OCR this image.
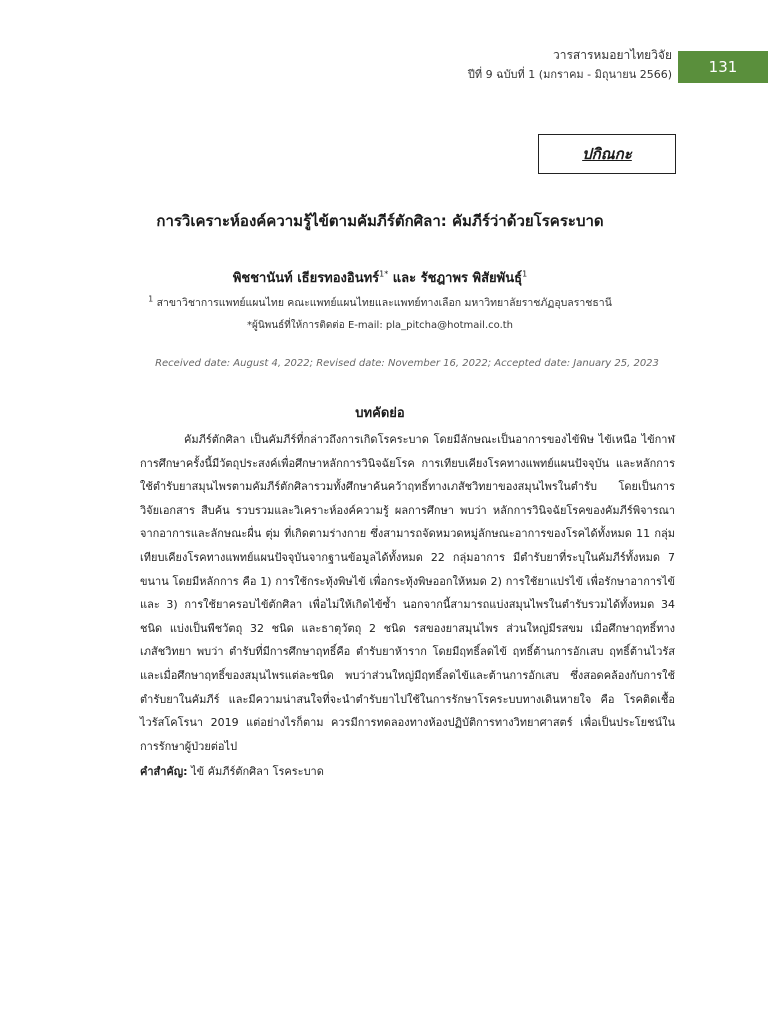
วารสารหมอยาไทยวิจัย
ปีที่ 9 ฉบับที่ 1 (มกราคม - มิถุนายน 2566)	131
ปกิณกะ
การวิเคราะห์องค์ความรู้ไข้ตามคัมภีร์ตักศิลา: คัมภีร์ว่าด้วยโรคระบาด
พิชชานันท์ เธียรทองอินทร์$^{1*}$ และ รัชฎาพร พิสัยพันธุ์$^1$
$^1$ สาขาวิชาการแพทย์แผนไทย คณะแพทย์แผนไทยและแพทย์ทางเลือก มหาวิทยาลัยราชภัฏอุบลราชธานี
*ผู้นิพนธ์ที่ให้การติดต่อ E-mail: pla_pitcha@hotmail.co.th
Received date: August 4, 2022; Revised date: November 16, 2022; Accepted date: January 25, 2023
บทคัดย่อ
คัมภีร์ตักศิลา เป็นคัมภีร์ที่กล่าวถึงการเกิดโรคระบาด โดยมีลักษณะเป็นอาการของไข้พิษ ไข้เหนือ ไข้กาฬ การศึกษาครั้งนี้มีวัตถุประสงค์เพื่อศึกษาหลักการวินิจฉัยโรค การเทียบเคียงโรคทางแพทย์แผนปัจจุบัน และหลักการใช้ตำรับยาสมุนไพรตามคัมภีร์ตักศิลารวมทั้งศึกษาค้นคว้าฤทธิ์ทางเภสัชวิทยาของสมุนไพรในตำรับ โดยเป็นการวิจัยเอกสาร สืบค้น รวบรวมและวิเคราะห์องค์ความรู้ ผลการศึกษา พบว่า หลักการวินิจฉัยโรคของคัมภีร์พิจารณาจากอาการและลักษณะผื่น ตุ่ม ที่เกิดตามร่างกาย ซึ่งสามารถจัดหมวดหมู่ลักษณะอาการของโรคได้ทั้งหมด 11 กลุ่ม เทียบเคียงโรคทางแพทย์แผนปัจจุบันจากฐานข้อมูลได้ทั้งหมด 22 กลุ่มอาการ มีตำรับยาที่ระบุในคัมภีร์ทั้งหมด 7 ขนาน โดยมีหลักการ คือ 1) การใช้กระทุ้งพิษไข้ เพื่อกระทุ้งพิษออกให้หมด 2) การใช้ยาแปรไข้ เพื่อรักษาอาการไข้ และ 3) การใช้ยาครอบไข้ตักศิลา เพื่อไม่ให้เกิดไข้ซ้ำ นอกจากนี้สามารถแบ่งสมุนไพรในตำรับรวมได้ทั้งหมด 34 ชนิด แบ่งเป็นพืชวัตถุ 32 ชนิด และธาตุวัตถุ 2 ชนิด รสของยาสมุนไพร ส่วนใหญ่มีรสขม เมื่อศึกษาฤทธิ์ทางเภสัชวิทยา พบว่า ตำรับที่มีการศึกษาฤทธิ์คือ ตำรับยาห้าราก โดยมีฤทธิ์ลดไข้ ฤทธิ์ต้านการอักเสบ ฤทธิ์ต้านไวรัส และเมื่อศึกษาฤทธิ์ของสมุนไพรแต่ละชนิด พบว่าส่วนใหญ่มีฤทธิ์ลดไข้และต้านการอักเสบ ซึ่งสอดคล้องกับการใช้ตำรับยาในคัมภีร์ และมีความน่าสนใจที่จะนำตำรับยาไปใช้ในการรักษาโรคระบบทางเดินหายใจ คือ โรคติดเชื้อไวรัสโคโรนา 2019 แต่อย่างไรก็ตาม ควรมีการทดลองทางห้องปฏิบัติการทางวิทยาศาสตร์ เพื่อเป็นประโยชน์ในการรักษาผู้ป่วยต่อไป
คำสำคัญ: ไข้ คัมภีร์ตักศิลา โรคระบาด
